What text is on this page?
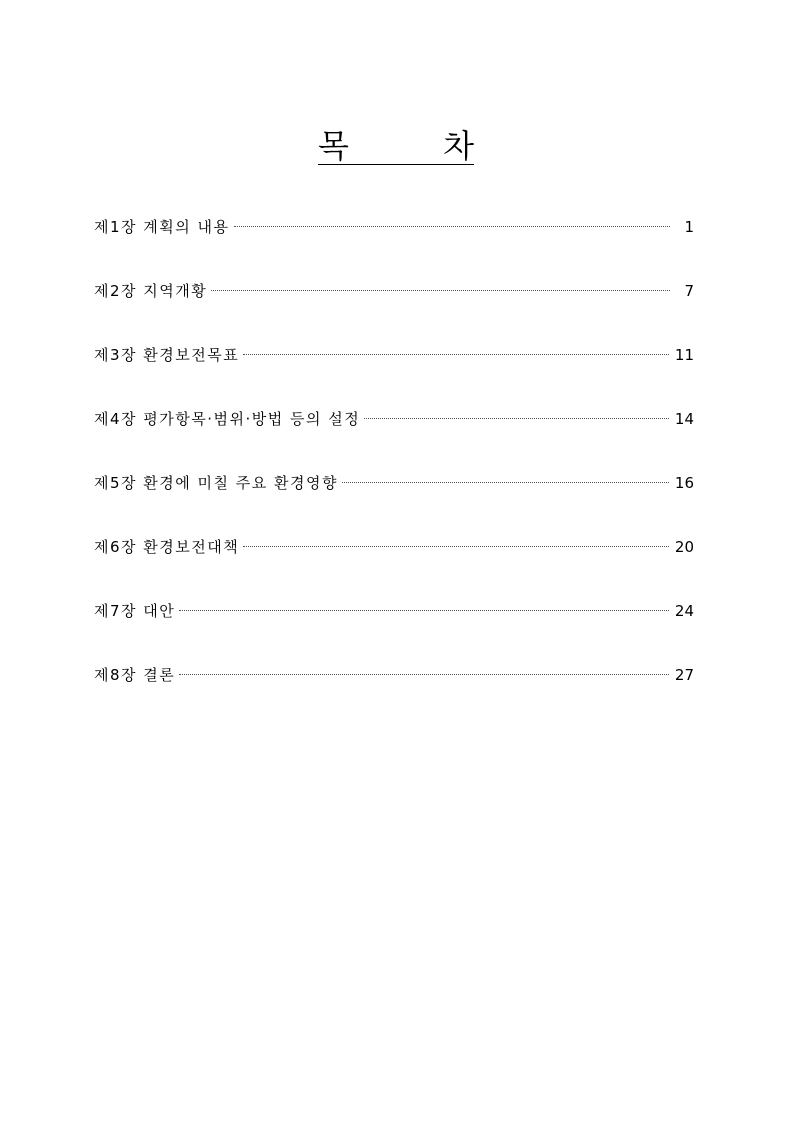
목	차
제1장 계획의 내용	1
제2장 지역개황	7
제3장 환경보전목표	11
제4장 평가항목·범위·방법 등의 설정	14
제5장 환경에 미칠 주요 환경영향	16
제6장 환경보전대책	20
제7장 대안	24
제8장 결론	27
